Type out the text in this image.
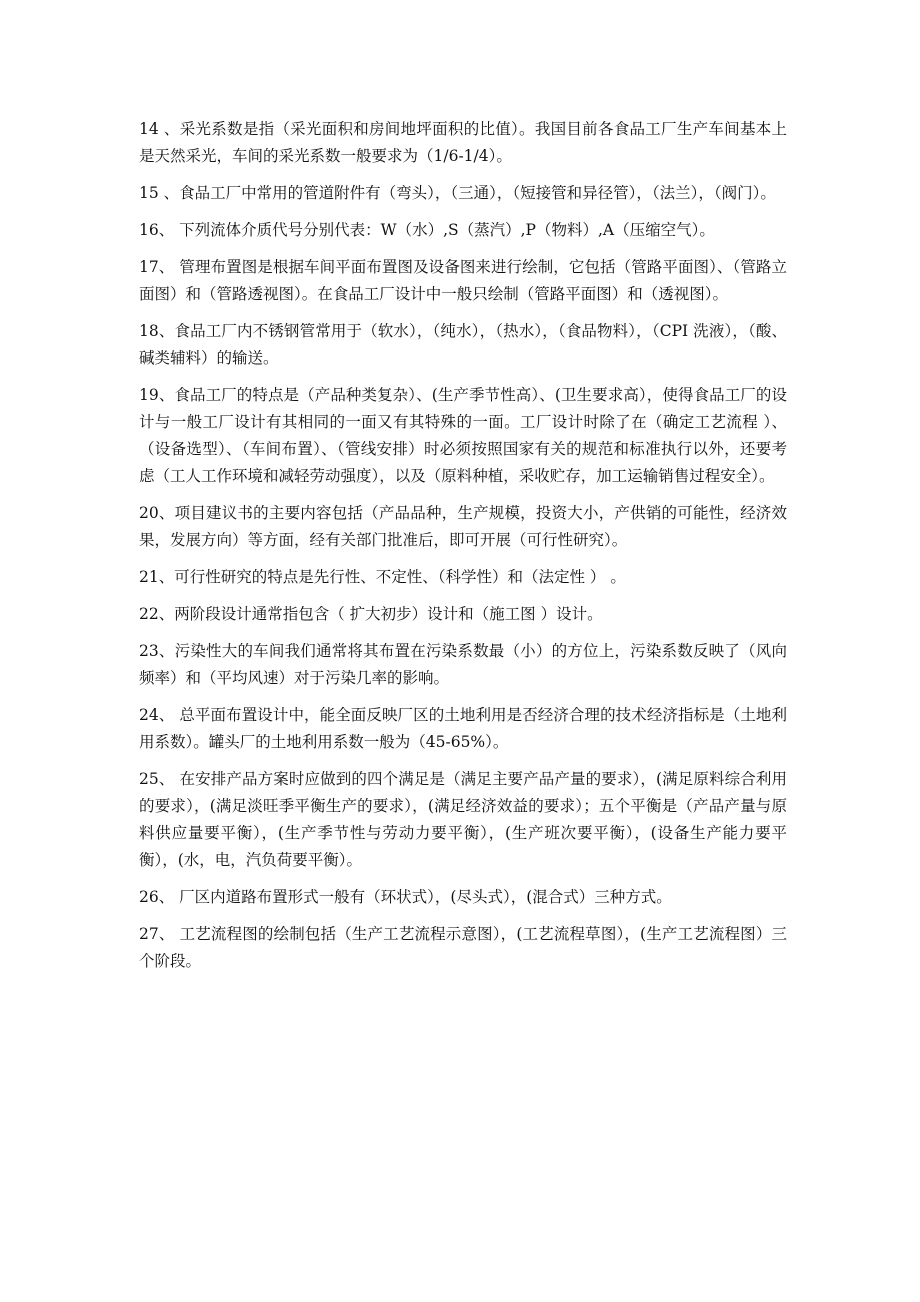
14 、采光系数是指（采光面积和房间地坪面积的比值）。我国目前各食品工厂生产车间基本上是天然采光，车间的采光系数一般要求为（1/6-1/4）。

15 、食品工厂中常用的管道附件有（弯头），（三通），（短接管和异径管），（法兰），（阀门）。

16、 下列流体介质代号分别代表：W（水）,S（蒸汽）,P（物料）,A（压缩空气）。

17、 管理布置图是根据车间平面布置图及设备图来进行绘制，它包括（管路平面图）、（管路立面图）和（管路透视图）。在食品工厂设计中一般只绘制（管路平面图）和（透视图）。

18、食品工厂内不锈钢管常用于（软水），（纯水），（热水），（食品物料），（CPI 洗液），（酸、碱类辅料）的输送。

19、食品工厂的特点是（产品种类复杂）、(生产季节性高）、(卫生要求高），使得食品工厂的设计与一般工厂设计有其相同的一面又有其特殊的一面。工厂设计时除了在（确定工艺流程 ）、（设备选型）、（车间布置）、（管线安排）时必须按照国家有关的规范和标准执行以外，还要考虑（工人工作环境和减轻劳动强度），以及（原料种植，采收贮存，加工运输销售过程安全）。

20、项目建议书的主要内容包括（产品品种，生产规模，投资大小，产供销的可能性，经济效果，发展方向）等方面，经有关部门批准后，即可开展（可行性研究）。

21、可行性研究的特点是先行性、不定性、（科学性）和（法定性 ） 。

22、两阶段设计通常指包含（ 扩大初步）设计和（施工图 ）设计。

23、污染性大的车间我们通常将其布置在污染系数最（小）的方位上，污染系数反映了（风向频率）和（平均风速）对于污染几率的影响。

24、 总平面布置设计中，能全面反映厂区的土地利用是否经济合理的技术经济指标是（土地利用系数）。罐头厂的土地利用系数一般为（45-65%）。

25、 在安排产品方案时应做到的四个满足是（满足主要产品产量的要求），(满足原料综合利用的要求），(满足淡旺季平衡生产的要求），(满足经济效益的要求）；五个平衡是（产品产量与原料供应量要平衡），(生产季节性与劳动力要平衡），(生产班次要平衡），(设备生产能力要平衡），(水，电，汽负荷要平衡）。

26、 厂区内道路布置形式一般有（环状式），(尽头式），(混合式）三种方式。

27、 工艺流程图的绘制包括（生产工艺流程示意图），(工艺流程草图），(生产工艺流程图）三个阶段。
